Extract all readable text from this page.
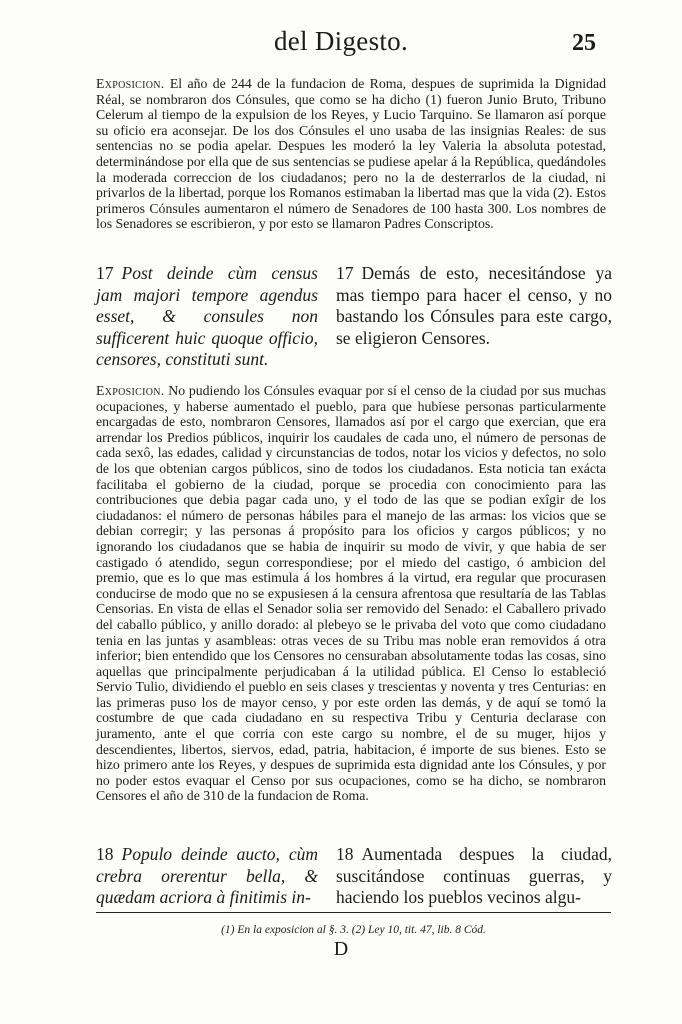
del Digesto.	25

Exposicion. El año de 244 de la fundacion de Roma, despues de suprimida la Dignidad Réal, se nombraron dos Cónsules, que como se ha dicho (1) fueron Junio Bruto, Tribuno Celerum al tiempo de la expulsion de los Reyes, y Lucio Tarquino. Se llamaron así porque su oficio era aconsejar. De los dos Cónsules el uno usaba de las insignias Reales: de sus sentencias no se podia apelar. Despues les moderó la ley Valeria la absoluta potestad, determinándose por ella que de sus sentencias se pudiese apelar á la República, quedándoles la moderada correccion de los ciudadanos; pero no la de desterrarlos de la ciudad, ni privarlos de la libertad, porque los Romanos estimaban la libertad mas que la vida (2). Estos primeros Cónsules aumentaron el número de Senadores de 100 hasta 300. Los nombres de los Senadores se escribieron, y por esto se llamaron Padres Conscriptos.

17 Post deinde cùm census jam majori tempore agendus esset, & consules non sufficerent huic quoque officio, censores, constituti sunt.
17 Demás de esto, necesitándose ya mas tiempo para hacer el censo, y no bastando los Cónsules para este cargo, se eligieron Censores.

Exposicion. No pudiendo los Cónsules evaquar por sí el censo de la ciudad por sus muchas ocupaciones, y haberse aumentado el pueblo, para que hubiese personas particularmente encargadas de esto, nombraron Censores, llamados así por el cargo que exercian, que era arrendar los Predios públicos, inquirir los caudales de cada uno, el número de personas de cada sexô, las edades, calidad y circunstancias de todos, notar los vicios y defectos, no solo de los que obtenian cargos públicos, sino de todos los ciudadanos. Esta noticia tan exácta facilitaba el gobierno de la ciudad, porque se procedia con conocimiento para las contribuciones que debia pagar cada uno, y el todo de las que se podian exîgir de los ciudadanos: el número de personas hábiles para el manejo de las armas: los vicios que se debian corregir; y las personas á propósito para los oficios y cargos públicos; y no ignorando los ciudadanos que se habia de inquirir su modo de vivir, y que habia de ser castigado ó atendido, segun correspondiese; por el miedo del castigo, ó ambicion del premio, que es lo que mas estimula á los hombres á la virtud, era regular que procurasen conducirse de modo que no se expusiesen á la censura afrentosa que resultaría de las Tablas Censorias. En vista de ellas el Senador solia ser removido del Senado: el Caballero privado del caballo público, y anillo dorado: al plebeyo se le privaba del voto que como ciudadano tenia en las juntas y asambleas: otras veces de su Tribu mas noble eran removidos á otra inferior; bien entendido que los Censores no censuraban absolutamente todas las cosas, sino aquellas que principalmente perjudicaban á la utilidad pública. El Censo lo estableció Servio Tulio, dividiendo el pueblo en seis clases y trescientas y noventa y tres Centurias: en las primeras puso los de mayor censo, y por este orden las demás, y de aquí se tomó la costumbre de que cada ciudadano en su respectiva Tribu y Centuria declarase con juramento, ante el que corria con este cargo su nombre, el de su muger, hijos y descendientes, libertos, siervos, edad, patria, habitacion, é importe de sus bienes. Esto se hizo primero ante los Reyes, y despues de suprimida esta dignidad ante los Cónsules, y por no poder estos evaquar el Censo por sus ocupaciones, como se ha dicho, se nombraron Censores el año de 310 de la fundacion de Roma.

18 Populo deinde aucto, cùm crebra orerentur bella, & quædam acriora à finitimis in-
18 Aumentada despues la ciudad, suscitándose continuas guerras, y haciendo los pueblos vecinos algu-
(1) En la exposicion al §. 3. (2) Ley 10, tit. 47, lib. 8 Cód.
D
